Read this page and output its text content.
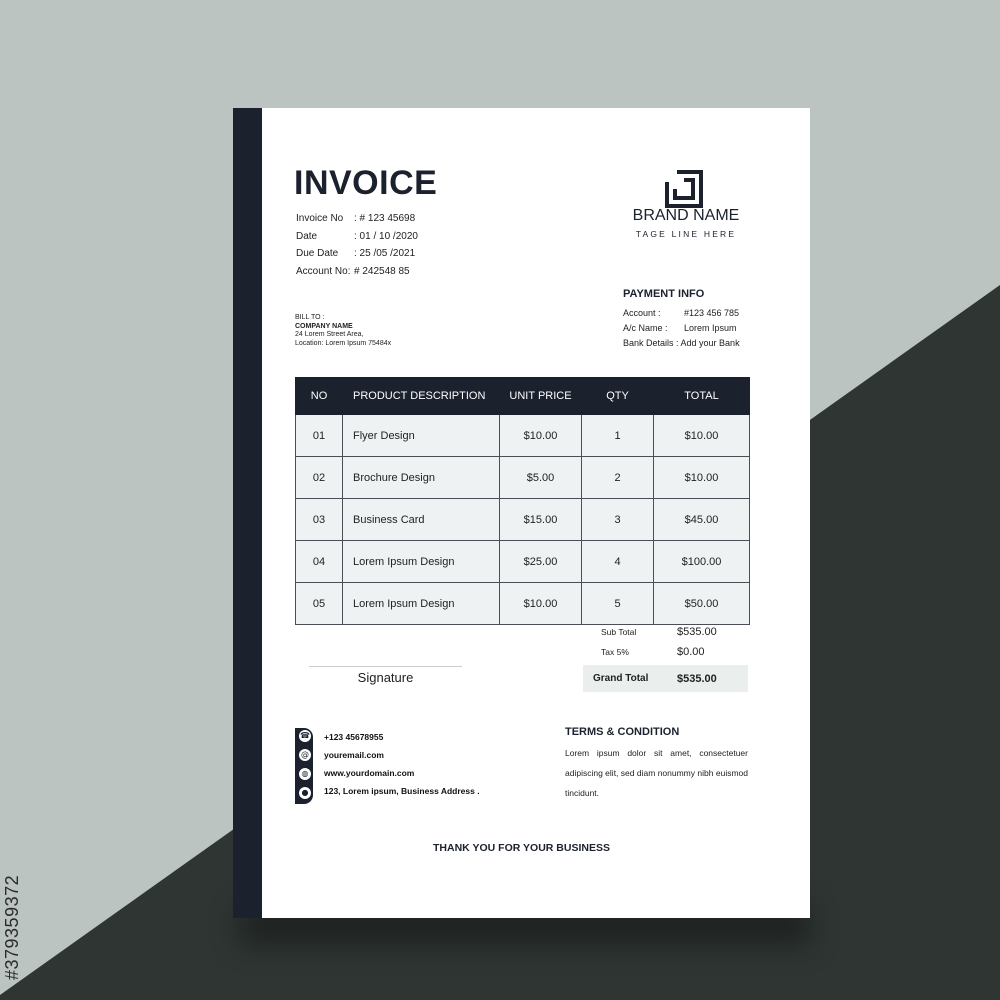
#379359372
INVOICE
Invoice No	: # 123 45698
Date	: 01 / 10 /2020
Due Date	: 25 /05 /2021
Account No: # 242548 85
BRAND NAME
TAGE LINE HERE
BILL TO :
COMPANY NAME
24 Lorem Street Area,
Location: Lorem Ipsum 75484x
PAYMENT INFO
Account :	#123 456 785
A/c Name :	Lorem Ipsum
Bank Details : Add your Bank
NO	PRODUCT DESCRIPTION	UNIT PRICE	QTY	TOTAL
01	Flyer Design	$10.00	1	$10.00
02	Brochure Design	$5.00	2	$10.00
03	Business Card	$15.00	3	$45.00
04	Lorem Ipsum Design	$25.00	4	$100.00
05	Lorem Ipsum Design	$10.00	5	$50.00
Sub Total	$535.00
Tax 5%	$0.00
Grand Total	$535.00
Signature
☎
@
◍
●
+123 45678955
youremail.com
www.yourdomain.com
123, Lorem ipsum, Business Address .
TERMS & CONDITION
Lorem ipsum dolor sit amet, consectetuer adipiscing elit, sed diam nonummy nibh euismod tincidunt.
THANK YOU FOR YOUR BUSINESS
